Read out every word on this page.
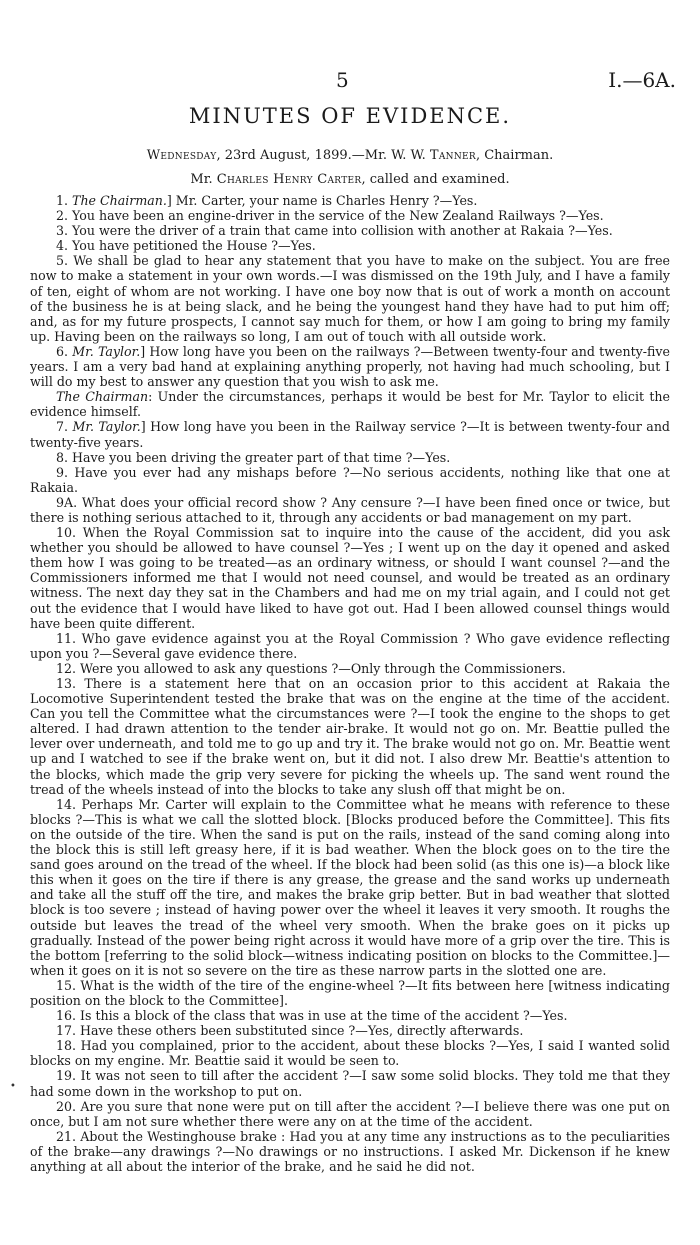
5	I.—6A.
MINUTES OF EVIDENCE.
Wednesday, 23rd August, 1899.—Mr. W. W. Tanner, Chairman.
Mr. Charles Henry Carter, called and examined.

1. The Chairman.] Mr. Carter, your name is Charles Henry ?—Yes.

2. You have been an engine-driver in the service of the New Zealand Railways ?—Yes.

3. You were the driver of a train that came into collision with another at Rakaia ?—Yes.

4. You have petitioned the House ?—Yes.

5. We shall be glad to hear any statement that you have to make on the subject. You are free now to make a statement in your own words.—I was dismissed on the 19th July, and I have a family of ten, eight of whom are not working. I have one boy now that is out of work a month on account of the business he is at being slack, and he being the youngest hand they have had to put him off; and, as for my future prospects, I cannot say much for them, or how I am going to bring my family up. Having been on the railways so long, I am out of touch with all outside work.

6. Mr. Taylor.] How long have you been on the railways ?—Between twenty-four and twenty-five years. I am a very bad hand at explaining anything properly, not having had much schooling, but I will do my best to answer any question that you wish to ask me.

The Chairman: Under the circumstances, perhaps it would be best for Mr. Taylor to elicit the evidence himself.

7. Mr. Taylor.] How long have you been in the Railway service ?—It is between twenty-four and twenty-five years.

8. Have you been driving the greater part of that time ?—Yes.

9. Have you ever had any mishaps before ?—No serious accidents, nothing like that one at Rakaia.

9A. What does your official record show ? Any censure ?—I have been fined once or twice, but there is nothing serious attached to it, through any accidents or bad management on my part.

10. When the Royal Commission sat to inquire into the cause of the accident, did you ask whether you should be allowed to have counsel ?—Yes ; I went up on the day it opened and asked them how I was going to be treated—as an ordinary witness, or should I want counsel ?—and the Commissioners informed me that I would not need counsel, and would be treated as an ordinary witness. The next day they sat in the Chambers and had me on my trial again, and I could not get out the evidence that I would have liked to have got out. Had I been allowed counsel things would have been quite different.

11. Who gave evidence against you at the Royal Commission ? Who gave evidence reflecting upon you ?—Several gave evidence there.

12. Were you allowed to ask any questions ?—Only through the Commissioners.

13. There is a statement here that on an occasion prior to this accident at Rakaia the Locomotive Superintendent tested the brake that was on the engine at the time of the accident. Can you tell the Committee what the circumstances were ?—I took the engine to the shops to get altered. I had drawn attention to the tender air-brake. It would not go on. Mr. Beattie pulled the lever over underneath, and told me to go up and try it. The brake would not go on. Mr. Beattie went up and I watched to see if the brake went on, but it did not. I also drew Mr. Beattie's attention to the blocks, which made the grip very severe for picking the wheels up. The sand went round the tread of the wheels instead of into the blocks to take any slush off that might be on.

14. Perhaps Mr. Carter will explain to the Committee what he means with reference to these blocks ?—This is what we call the slotted block. [Blocks produced before the Committee]. This fits on the outside of the tire. When the sand is put on the rails, instead of the sand coming along into the block this is still left greasy here, if it is bad weather. When the block goes on to the tire the sand goes around on the tread of the wheel. If the block had been solid (as this one is)—a block like this when it goes on the tire if there is any grease, the grease and the sand works up underneath and take all the stuff off the tire, and makes the brake grip better. But in bad weather that slotted block is too severe ; instead of having power over the wheel it leaves it very smooth. It roughs the outside but leaves the tread of the wheel very smooth. When the brake goes on it picks up gradually. Instead of the power being right across it would have more of a grip over the tire. This is the bottom [referring to the solid block—witness indicating position on blocks to the Committee.]—when it goes on it is not so severe on the tire as these narrow parts in the slotted one are.

15. What is the width of the tire of the engine-wheel ?—It fits between here [witness indicating position on the block to the Committee].

16. Is this a block of the class that was in use at the time of the accident ?—Yes.

17. Have these others been substituted since ?—Yes, directly afterwards.

18. Had you complained, prior to the accident, about these blocks ?—Yes, I said I wanted solid blocks on my engine. Mr. Beattie said it would be seen to.

19. It was not seen to till after the accident ?—I saw some solid blocks. They told me that they had some down in the workshop to put on.

20. Are you sure that none were put on till after the accident ?—I believe there was one put on once, but I am not sure whether there were any on at the time of the accident.

21. About the Westinghouse brake : Had you at any time any instructions as to the peculiarities of the brake—any drawings ?—No drawings or no instructions. I asked Mr. Dickenson if he knew anything at all about the interior of the brake, and he said he did not.

•
